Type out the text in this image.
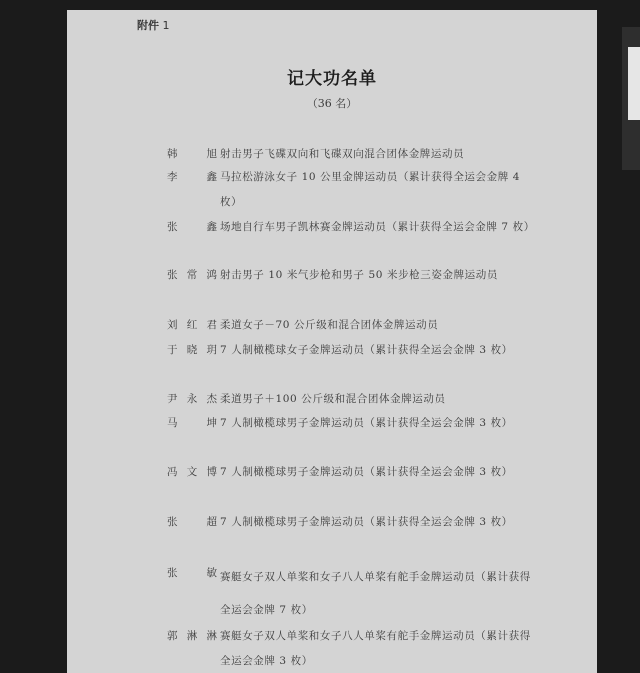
附件 1
记大功名单
（36 名）
韩 旭 射击男子飞碟双向和飞碟双向混合团体金牌运动员
李 鑫 马拉松游泳女子 10 公里金牌运动员（累计获得全运会金牌 4 枚）
张 鑫 场地自行车男子凯林赛金牌运动员（累计获得全运会金牌 7 枚）
张常鸿 射击男子 10 米气步枪和男子 50 米步枪三姿金牌运动员
刘红君 柔道女子－70 公斤级和混合团体金牌运动员
于晓玥 7 人制橄榄球女子金牌运动员（累计获得全运会金牌 3 枚）
尹永杰 柔道男子＋100 公斤级和混合团体金牌运动员
马 坤 7 人制橄榄球男子金牌运动员（累计获得全运会金牌 3 枚）
冯文博 7 人制橄榄球男子金牌运动员（累计获得全运会金牌 3 枚）
张 超 7 人制橄榄球男子金牌运动员（累计获得全运会金牌 3 枚）
张 敏 赛艇女子双人单桨和女子八人单桨有舵手金牌运动员（累计获得全运会金牌 7 枚）
郭淋淋 赛艇女子双人单桨和女子八人单桨有舵手金牌运动员（累计获得全运会金牌 3 枚）
